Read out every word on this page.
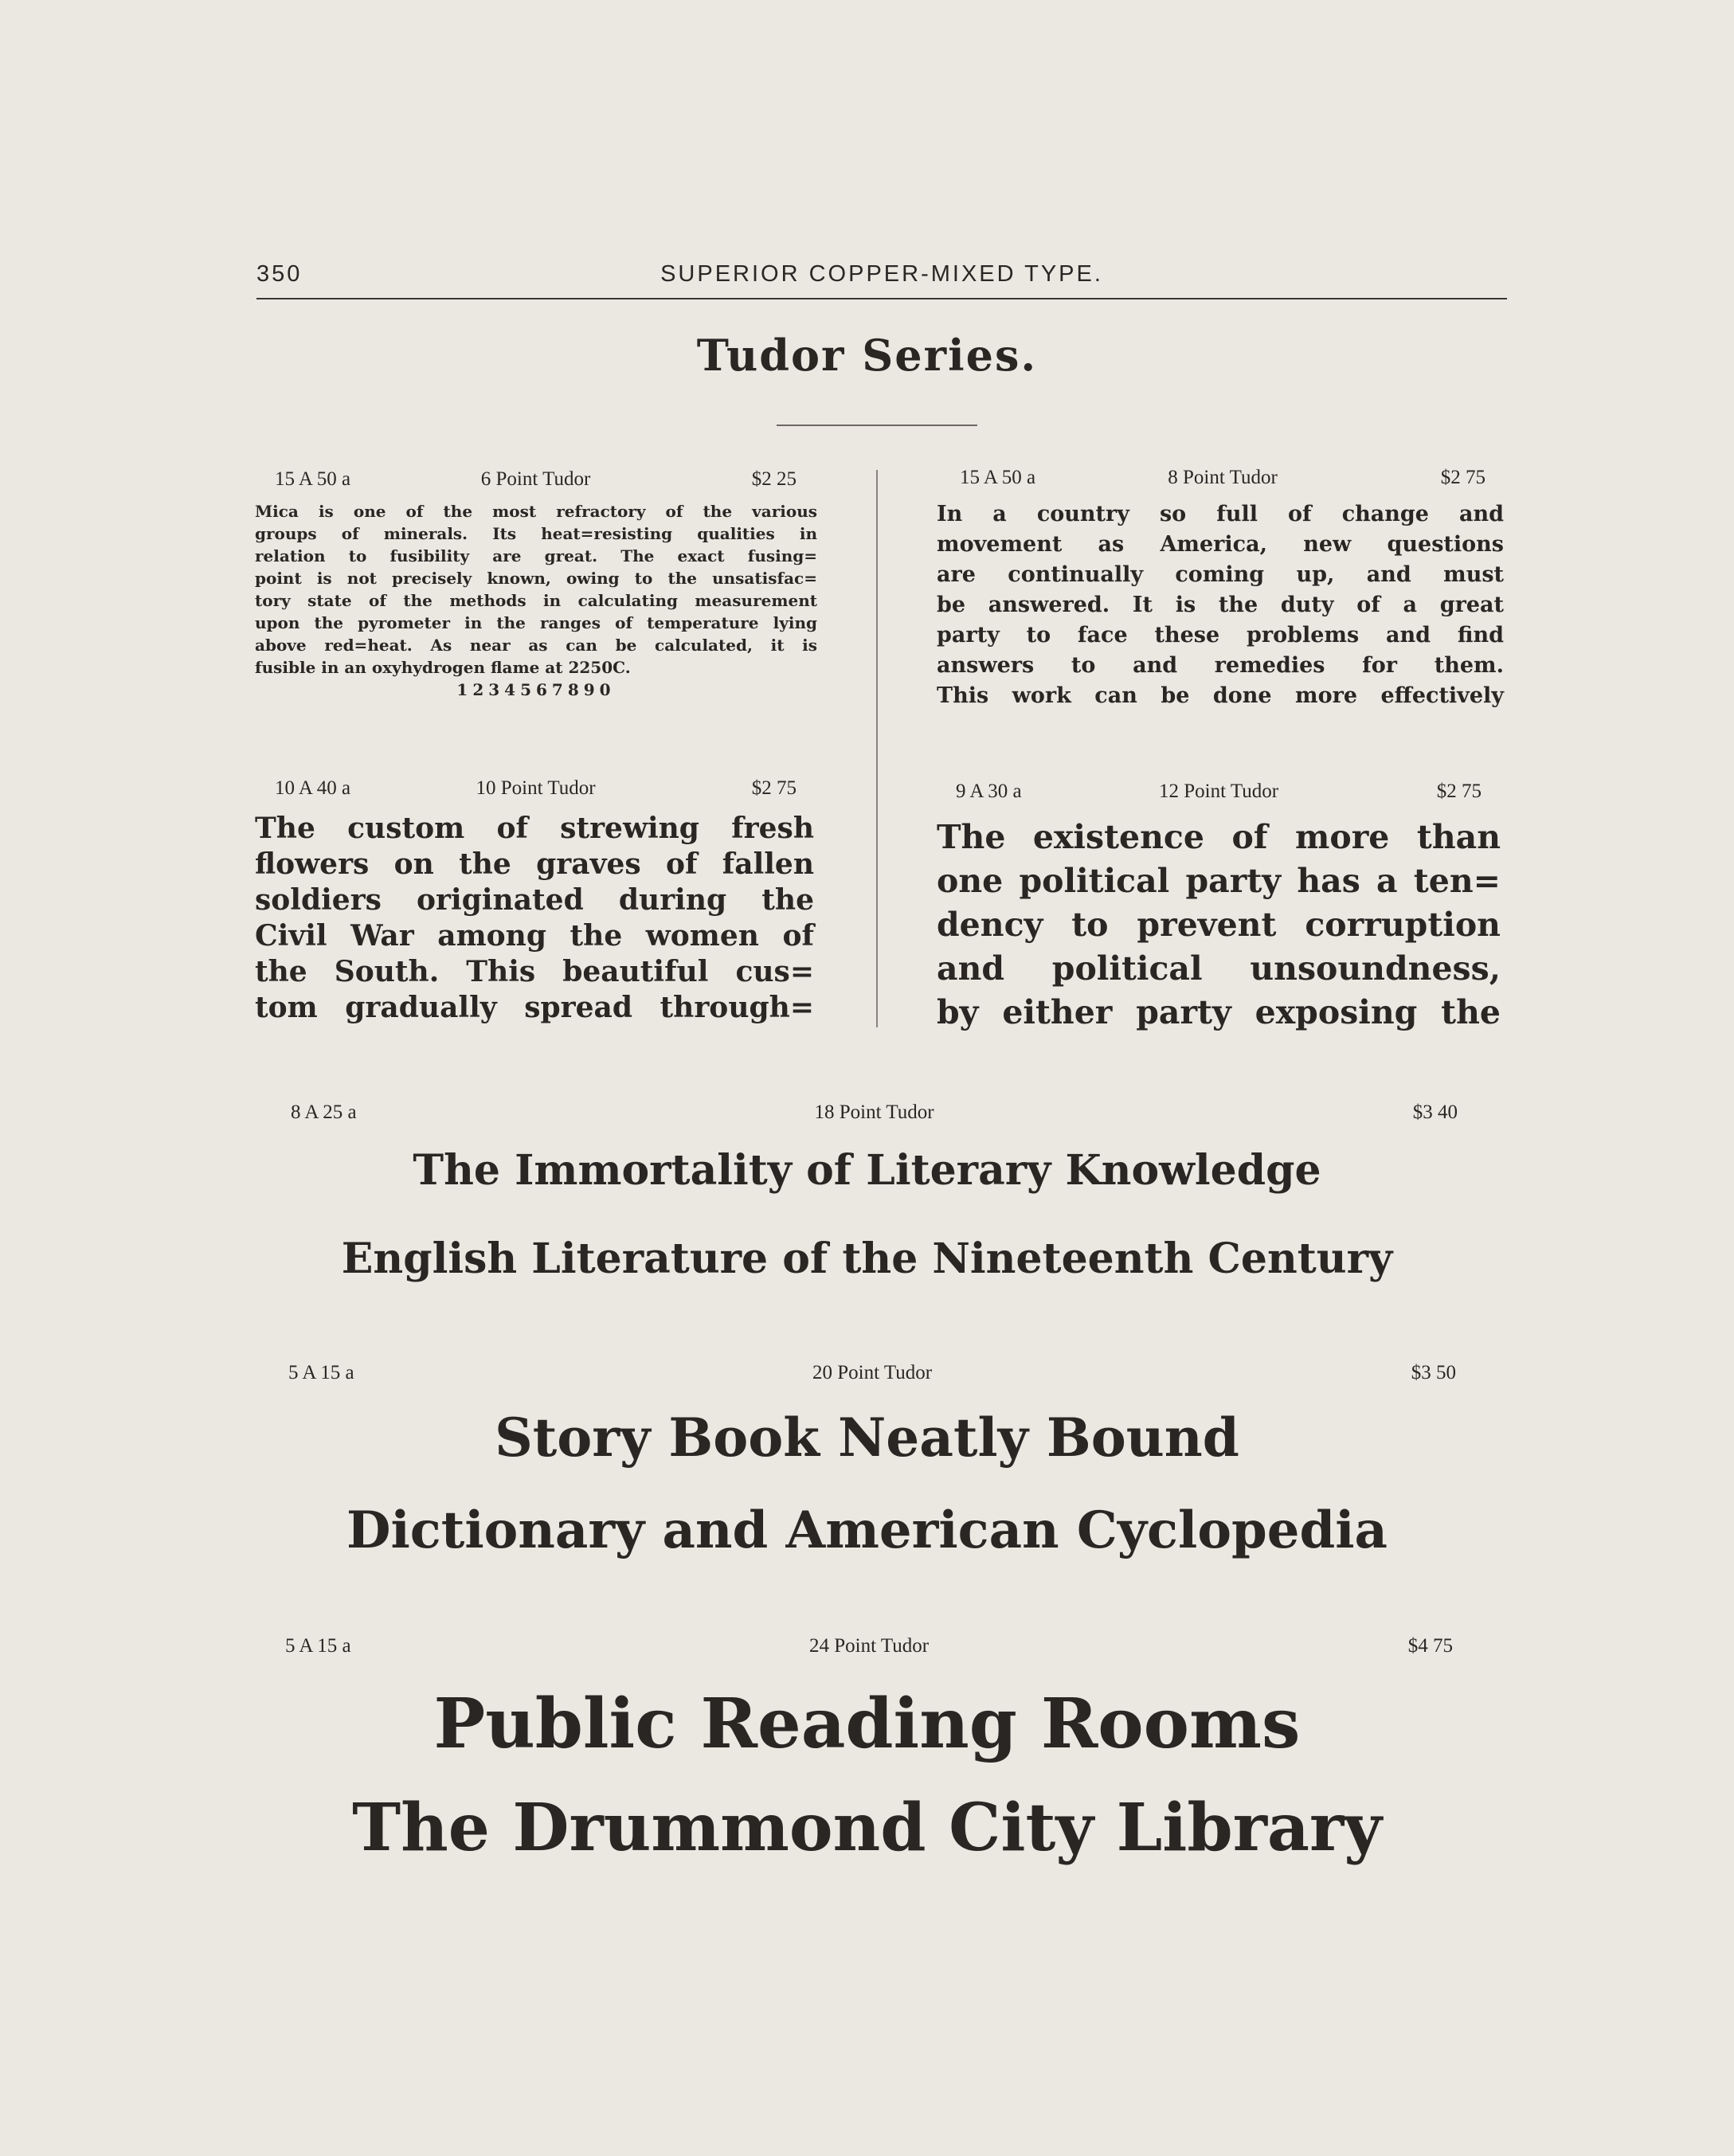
350	SUPERIOR COPPER-MIXED TYPE.
Tudor Series.
15 A 50 a	6 Point Tudor	$2 25
Mica is one of the most refractory of the various
groups of minerals. Its heat=resisting qualities in
relation to fusibility are great. The exact fusing=
point is not precisely known, owing to the unsatisfac=
tory state of the methods in calculating measurement
upon the pyrometer in the ranges of temperature lying
above red=heat. As near as can be calculated, it is
fusible in an oxyhydrogen flame at 2250C.
1234567890
15 A 50 a	8 Point Tudor	$2 75
In a country so full of change and
movement as America, new questions
are continually coming up, and must
be answered. It is the duty of a great
party to face these problems and find
answers to and remedies for them.
This work can be done more effectively
10 A 40 a	10 Point Tudor	$2 75
The custom of strewing fresh
flowers on the graves of fallen
soldiers originated during the
Civil War among the women of
the South. This beautiful cus=
tom gradually spread through=
9 A 30 a	12 Point Tudor	$2 75
The existence of more than
one political party has a ten=
dency to prevent corruption
and political unsoundness,
by either party exposing the
8 A 25 a	18 Point Tudor	$3 40
The Immortality of Literary Knowledge
English Literature of the Nineteenth Century
5 A 15 a	20 Point Tudor	$3 50
Story Book Neatly Bound
Dictionary and American Cyclopedia
5 A 15 a	24 Point Tudor	$4 75
Public Reading Rooms
The Drummond City Library
